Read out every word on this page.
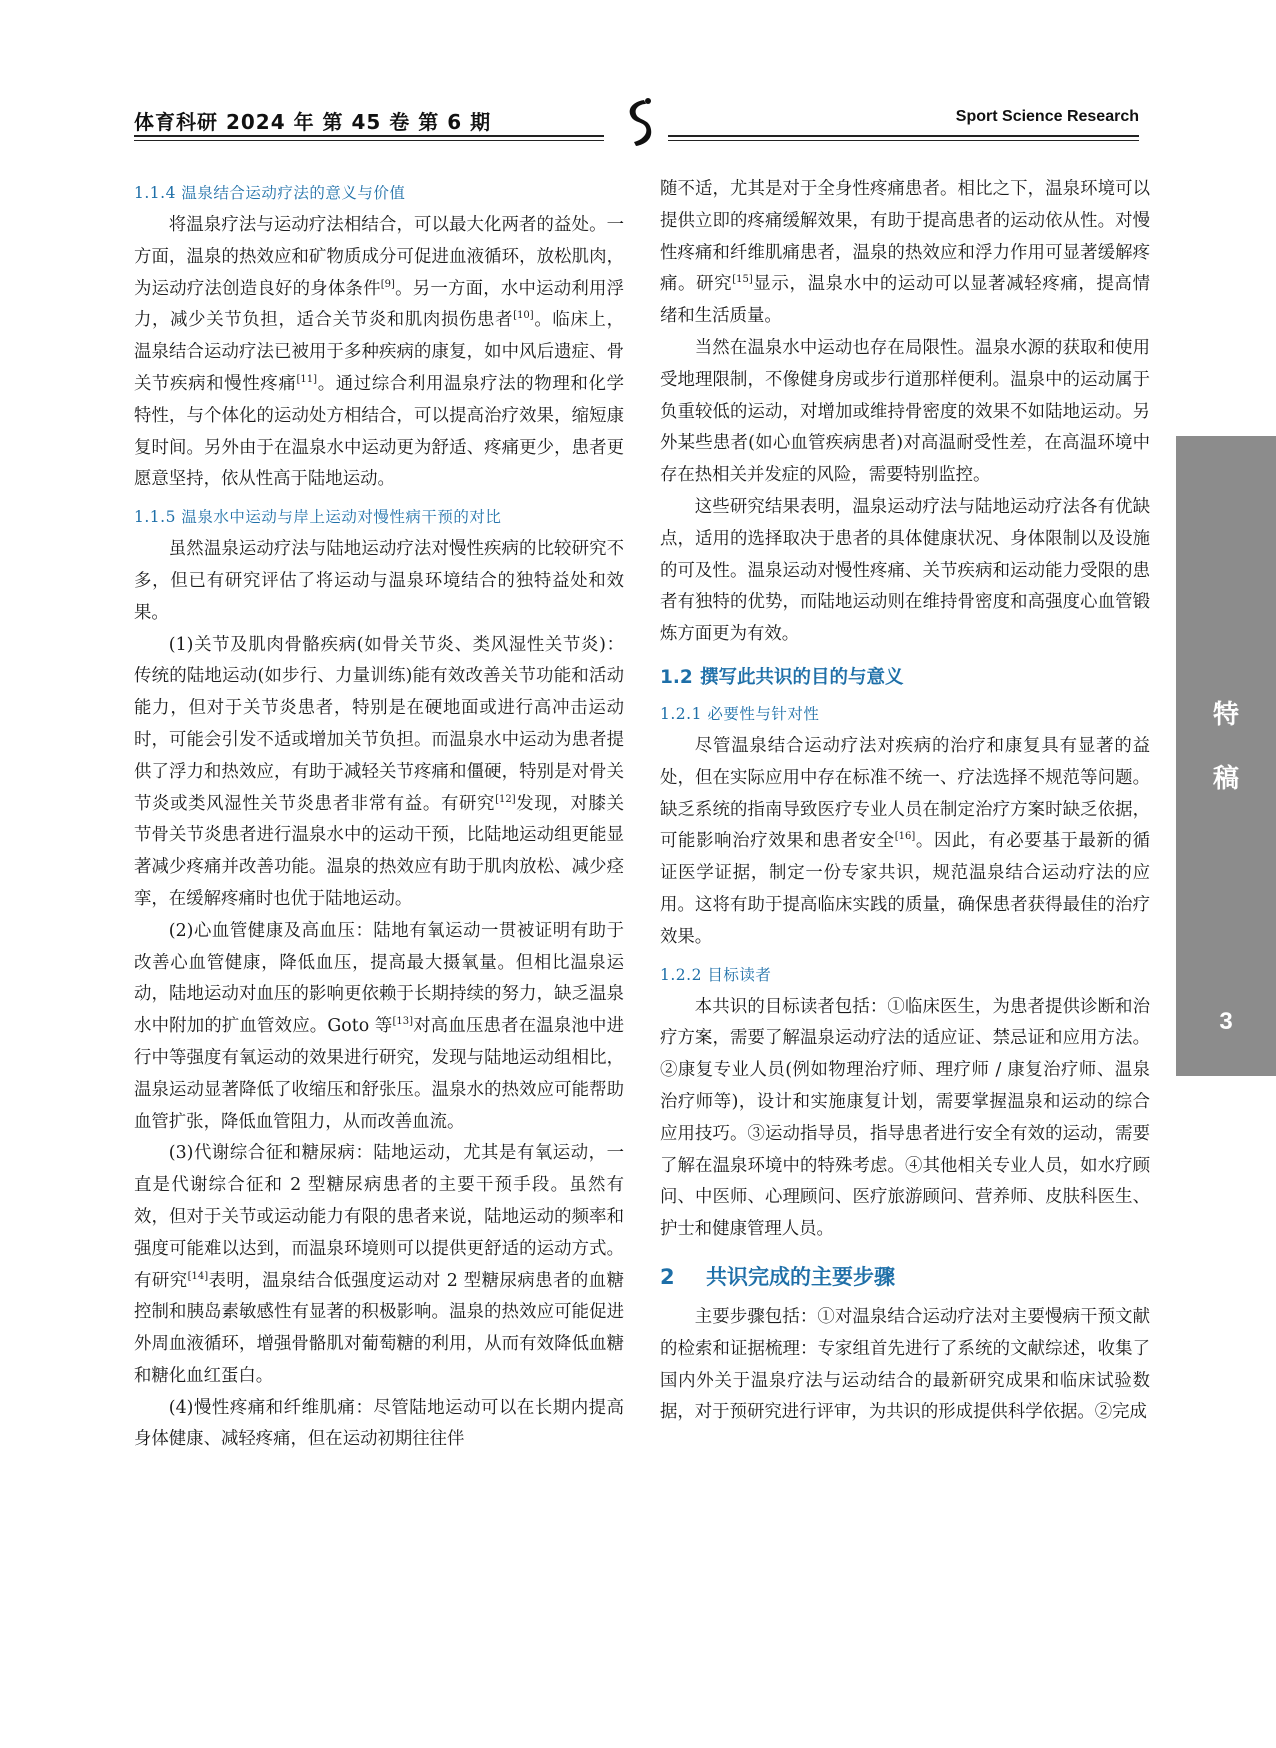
体育科研 2024 年 第 45 卷 第 6 期	Sport Science Research
1.1.4 温泉结合运动疗法的意义与价值

将温泉疗法与运动疗法相结合，可以最大化两者的益处。一方面，温泉的热效应和矿物质成分可促进血液循环，放松肌肉，为运动疗法创造良好的身体条件[9]。另一方面，水中运动利用浮力，减少关节负担，适合关节炎和肌肉损伤患者[10]。临床上，温泉结合运动疗法已被用于多种疾病的康复，如中风后遗症、骨关节疾病和慢性疼痛[11]。通过综合利用温泉疗法的物理和化学特性，与个体化的运动处方相结合，可以提高治疗效果，缩短康复时间。另外由于在温泉水中运动更为舒适、疼痛更少，患者更愿意坚持，依从性高于陆地运动。

1.1.5 温泉水中运动与岸上运动对慢性病干预的对比

虽然温泉运动疗法与陆地运动疗法对慢性疾病的比较研究不多，但已有研究评估了将运动与温泉环境结合的独特益处和效果。

(1)关节及肌肉骨骼疾病(如骨关节炎、类风湿性关节炎)：传统的陆地运动(如步行、力量训练)能有效改善关节功能和活动能力，但对于关节炎患者，特别是在硬地面或进行高冲击运动时，可能会引发不适或增加关节负担。而温泉水中运动为患者提供了浮力和热效应，有助于减轻关节疼痛和僵硬，特别是对骨关节炎或类风湿性关节炎患者非常有益。有研究[12]发现，对膝关节骨关节炎患者进行温泉水中的运动干预，比陆地运动组更能显著减少疼痛并改善功能。温泉的热效应有助于肌肉放松、减少痉挛，在缓解疼痛时也优于陆地运动。

(2)心血管健康及高血压：陆地有氧运动一贯被证明有助于改善心血管健康，降低血压，提高最大摄氧量。但相比温泉运动，陆地运动对血压的影响更依赖于长期持续的努力，缺乏温泉水中附加的扩血管效应。Goto 等[13]对高血压患者在温泉池中进行中等强度有氧运动的效果进行研究，发现与陆地运动组相比，温泉运动显著降低了收缩压和舒张压。温泉水的热效应可能帮助血管扩张，降低血管阻力，从而改善血流。

(3)代谢综合征和糖尿病：陆地运动，尤其是有氧运动，一直是代谢综合征和 2 型糖尿病患者的主要干预手段。虽然有效，但对于关节或运动能力有限的患者来说，陆地运动的频率和强度可能难以达到，而温泉环境则可以提供更舒适的运动方式。有研究[14]表明，温泉结合低强度运动对 2 型糖尿病患者的血糖控制和胰岛素敏感性有显著的积极影响。温泉的热效应可能促进外周血液循环，增强骨骼肌对葡萄糖的利用，从而有效降低血糖和糖化血红蛋白。

(4)慢性疼痛和纤维肌痛：尽管陆地运动可以在长期内提高身体健康、减轻疼痛，但在运动初期往往伴

随不适，尤其是对于全身性疼痛患者。相比之下，温泉环境可以提供立即的疼痛缓解效果，有助于提高患者的运动依从性。对慢性疼痛和纤维肌痛患者，温泉的热效应和浮力作用可显著缓解疼痛。研究[15]显示，温泉水中的运动可以显著减轻疼痛，提高情绪和生活质量。

当然在温泉水中运动也存在局限性。温泉水源的获取和使用受地理限制，不像健身房或步行道那样便利。温泉中的运动属于负重较低的运动，对增加或维持骨密度的效果不如陆地运动。另外某些患者(如心血管疾病患者)对高温耐受性差，在高温环境中存在热相关并发症的风险，需要特别监控。

这些研究结果表明，温泉运动疗法与陆地运动疗法各有优缺点，适用的选择取决于患者的具体健康状况、身体限制以及设施的可及性。温泉运动对慢性疼痛、关节疾病和运动能力受限的患者有独特的优势，而陆地运动则在维持骨密度和高强度心血管锻炼方面更为有效。

1.2 撰写此共识的目的与意义
1.2.1 必要性与针对性

尽管温泉结合运动疗法对疾病的治疗和康复具有显著的益处，但在实际应用中存在标准不统一、疗法选择不规范等问题。缺乏系统的指南导致医疗专业人员在制定治疗方案时缺乏依据，可能影响治疗效果和患者安全[16]。因此，有必要基于最新的循证医学证据，制定一份专家共识，规范温泉结合运动疗法的应用。这将有助于提高临床实践的质量，确保患者获得最佳的治疗效果。

1.2.2 目标读者

本共识的目标读者包括：①临床医生，为患者提供诊断和治疗方案，需要了解温泉运动疗法的适应证、禁忌证和应用方法。②康复专业人员(例如物理治疗师、理疗师 / 康复治疗师、温泉治疗师等)，设计和实施康复计划，需要掌握温泉和运动的综合应用技巧。③运动指导员，指导患者进行安全有效的运动，需要了解在温泉环境中的特殊考虑。④其他相关专业人员，如水疗顾问、中医师、心理顾问、医疗旅游顾问、营养师、皮肤科医生、护士和健康管理人员。

2 共识完成的主要步骤

主要步骤包括：①对温泉结合运动疗法对主要慢病干预文献的检索和证据梳理：专家组首先进行了系统的文献综述，收集了国内外关于温泉疗法与运动结合的最新研究成果和临床试验数据，对于预研究进行评审，为共识的形成提供科学依据。②完成

特
稿
3
